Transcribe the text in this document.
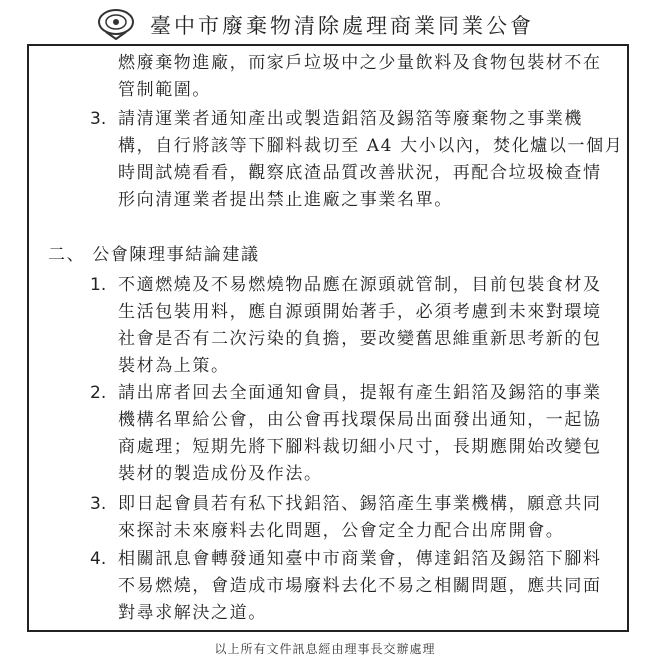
臺中市廢棄物清除處理商業同業公會
燃廢棄物進廠，而家戶垃圾中之少量飲料及食物包裝材不在
管制範圍。
3. 請清運業者通知產出或製造鋁箔及錫箔等廢棄物之事業機
構，自行將該等下腳料裁切至 A4 大小以內，焚化爐以一個月
時間試燒看看，觀察底渣品質改善狀況，再配合垃圾檢查情
形向清運業者提出禁止進廠之事業名單。
二、 公會陳理事結論建議
1. 不適燃燒及不易燃燒物品應在源頭就管制，目前包裝食材及
生活包裝用料，應自源頭開始著手，必須考慮到未來對環境
社會是否有二次污染的負擔，要改變舊思維重新思考新的包
裝材為上策。
2. 請出席者回去全面通知會員，提報有產生鋁箔及錫箔的事業
機構名單給公會，由公會再找環保局出面發出通知，一起協
商處理；短期先將下腳料裁切細小尺寸，長期應開始改變包
裝材的製造成份及作法。
3. 即日起會員若有私下找鋁箔、錫箔產生事業機構，願意共同
來探討未來廢料去化問題，公會定全力配合出席開會。
4. 相關訊息會轉發通知臺中市商業會，傳達鋁箔及錫箔下腳料
不易燃燒，會造成市場廢料去化不易之相關問題，應共同面
對尋求解決之道。
以上所有文件訊息經由理事長交辦處理
